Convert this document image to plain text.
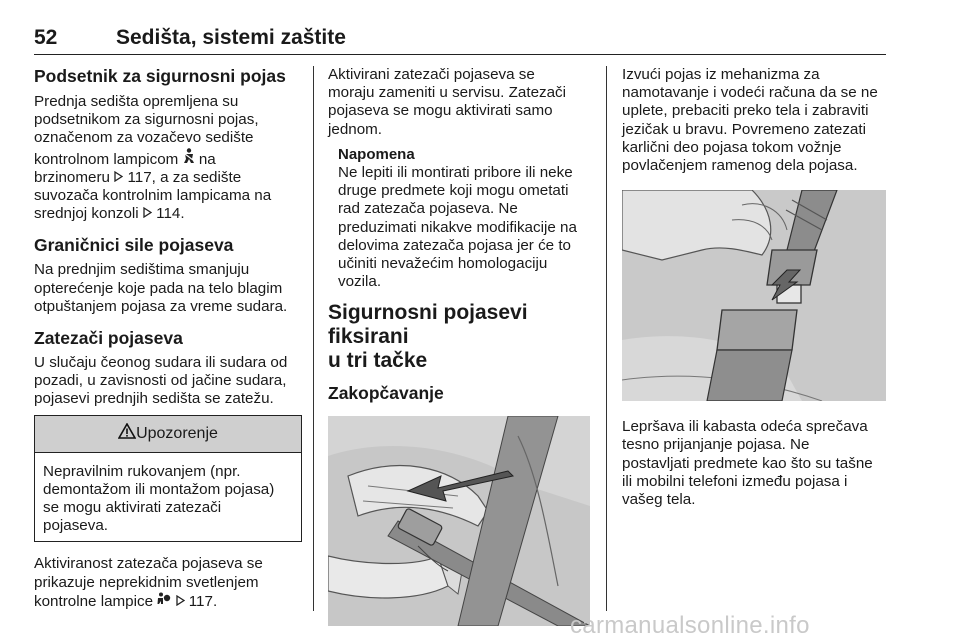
52	Sedišta, sistemi zaštite
Podsetnik za sigurnosni pojas

Prednja sedišta opremljena su
podsetnikom za sigurnosni pojas,
označenom za vozačevo sedište
kontrolnom lampicom na
brzinomeru 117, a za sedište
suvozača kontrolnim lampicama na
srednjoj konzoli 114.

Graničnici sile pojaseva

Na prednjim sedištima smanjuju
opterećenje koje pada na telo blagim
otpuštanjem pojasa za vreme sudara.

Zatezači pojaseva

U slučaju čeonog sudara ili sudara od
pozadi, u zavisnosti od jačine sudara,
pojasevi prednjih sedišta se zatežu.

Upozorenje

Nepravilnim rukovanjem (npr.
demontažom ili montažom pojasa)
se mogu aktivirati zatezači
pojaseva.

Aktiviranost zatezača pojaseva se
prikazuje neprekidnim svetlenjem
kontrolne lampice 117.

Aktivirani zatezači pojaseva se
moraju zameniti u servisu. Zatezači
pojaseva se mogu aktivirati samo
jednom.

Napomena
Ne lepiti ili montirati pribore ili neke
druge predmete koji mogu ometati
rad zatezača pojaseva. Ne
preduzimati nikakve modifikacije na
delovima zatezača pojasa jer će to
učiniti nevažećim homologaciju
vozila.

Sigurnosni pojasevi fiksirani
u tri tačke
Zakopčavanje

Izvući pojas iz mehanizma za
namotavanje i vodeći računa da se ne
uplete, prebaciti preko tela i zabraviti
jezičak u bravu. Povremeno zatezati
karlični deo pojasa tokom vožnje
povlačenjem ramenog dela pojasa.

Lepršava ili kabasta odeća sprečava
tesno prijanjanje pojasa. Ne
postavljati predmete kao što su tašne
ili mobilni telefoni između pojasa i
vašeg tela.

carmanualsonline.info
